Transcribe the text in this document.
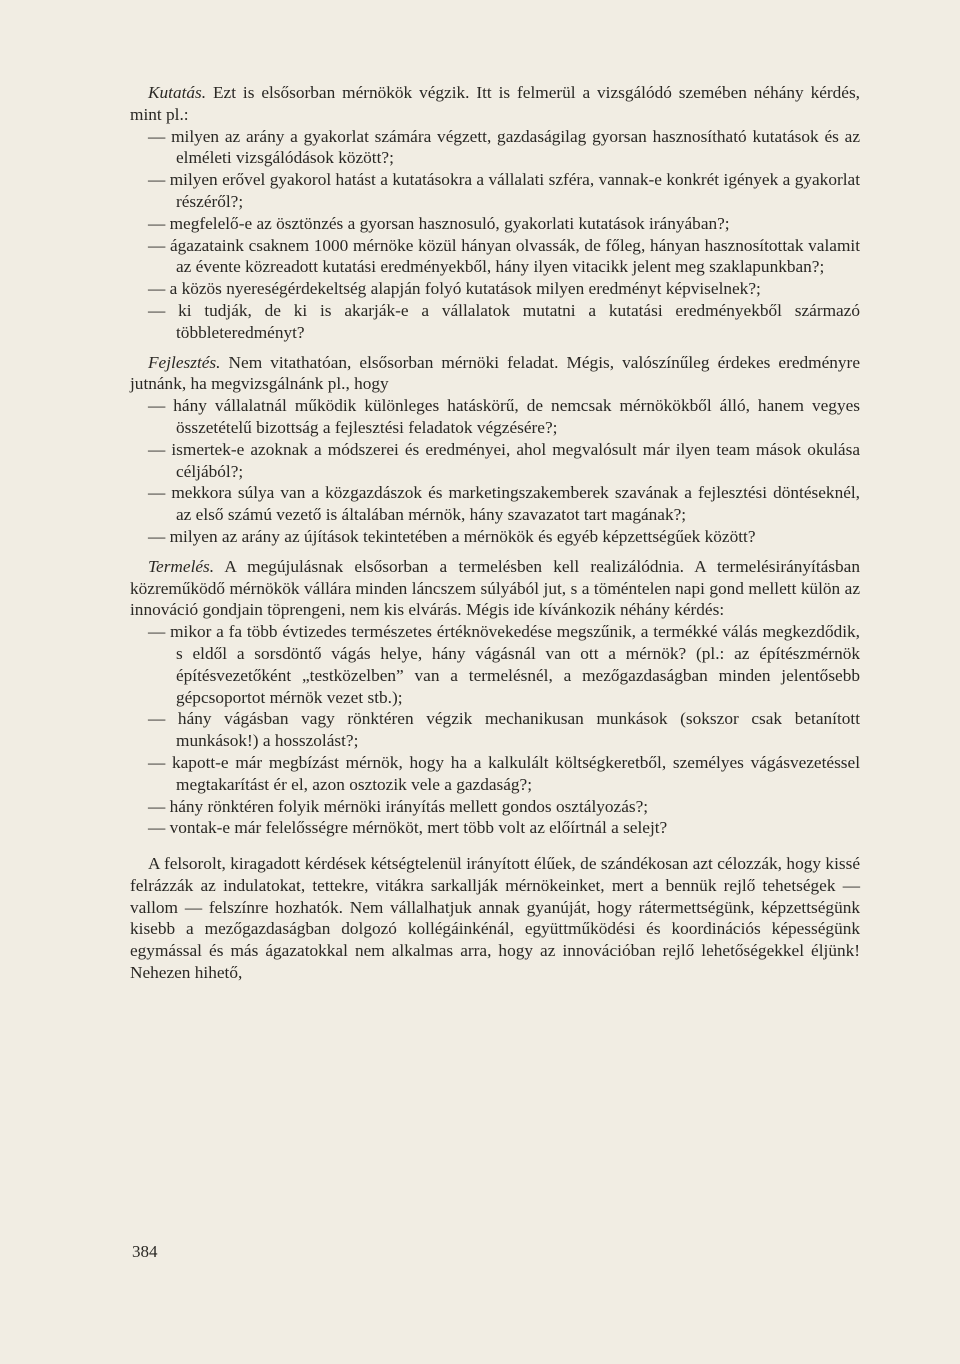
Kutatás. Ezt is elsősorban mérnökök végzik. Itt is felmerül a vizsgálódó szemében néhány kérdés, mint pl.:

— milyen az arány a gyakorlat számára végzett, gazdaságilag gyorsan hasznosítható kutatások és az elméleti vizsgálódások között?;

— milyen erővel gyakorol hatást a kutatásokra a vállalati szféra, vannak-e konkrét igények a gyakorlat részéről?;

— megfelelő-e az ösztönzés a gyorsan hasznosuló, gyakorlati kutatások irányában?;

— ágazataink csaknem 1000 mérnöke közül hányan olvassák, de főleg, hányan hasznosítottak valamit az évente közreadott kutatási eredményekből, hány ilyen vitacikk jelent meg szaklapunkban?;

— a közös nyereségérdekeltség alapján folyó kutatások milyen eredményt képviselnek?;

— ki tudják, de ki is akarják-e a vállalatok mutatni a kutatási eredményekből származó többleteredményt?

Fejlesztés. Nem vitathatóan, elsősorban mérnöki feladat. Mégis, valószínűleg érdekes eredményre jutnánk, ha megvizsgálnánk pl., hogy

— hány vállalatnál működik különleges hatáskörű, de nemcsak mérnökökből álló, hanem vegyes összetételű bizottság a fejlesztési feladatok végzésére?;

— ismertek-e azoknak a módszerei és eredményei, ahol megvalósult már ilyen team mások okulása céljából?;

— mekkora súlya van a közgazdászok és marketingszakemberek szavának a fejlesztési döntéseknél, az első számú vezető is általában mérnök, hány szavazatot tart magának?;

— milyen az arány az újítások tekintetében a mérnökök és egyéb képzettségűek között?

Termelés. A megújulásnak elsősorban a termelésben kell realizálódnia. A termelésirányításban közreműködő mérnökök vállára minden láncszem súlyából jut, s a töméntelen napi gond mellett külön az innováció gondjain töprengeni, nem kis elvárás. Mégis ide kívánkozik néhány kérdés:

— mikor a fa több évtizedes természetes értéknövekedése megszűnik, a termékké válás megkezdődik, s eldől a sorsdöntő vágás helye, hány vágásnál van ott a mérnök? (pl.: az építészmérnök építésvezetőként „testközelben” van a termelésnél, a mezőgazdaságban minden jelentősebb gépcsoportot mérnök vezet stb.);

— hány vágásban vagy rönktéren végzik mechanikusan munkások (sokszor csak betanított munkások!) a hosszolást?;

— kapott-e már megbízást mérnök, hogy ha a kalkulált költségkeretből, személyes vágásvezetéssel megtakarítást ér el, azon osztozik vele a gazdaság?;

— hány rönktéren folyik mérnöki irányítás mellett gondos osztályozás?;

— vontak-e már felelősségre mérnököt, mert több volt az előírtnál a selejt?

A felsorolt, kiragadott kérdések kétségtelenül irányított élűek, de szándékosan azt célozzák, hogy kissé felrázzák az indulatokat, tettekre, vitákra sarkallják mérnökeinket, mert a bennük rejlő tehetségek — vallom — felszínre hozhatók. Nem vállalhatjuk annak gyanúját, hogy rátermettségünk, képzettségünk kisebb a mezőgazdaságban dolgozó kollégáinkénál, együttműködési és koordinációs képességünk egymással és más ágazatokkal nem alkalmas arra, hogy az innovációban rejlő lehetőségekkel éljünk! Nehezen hihető,

384
